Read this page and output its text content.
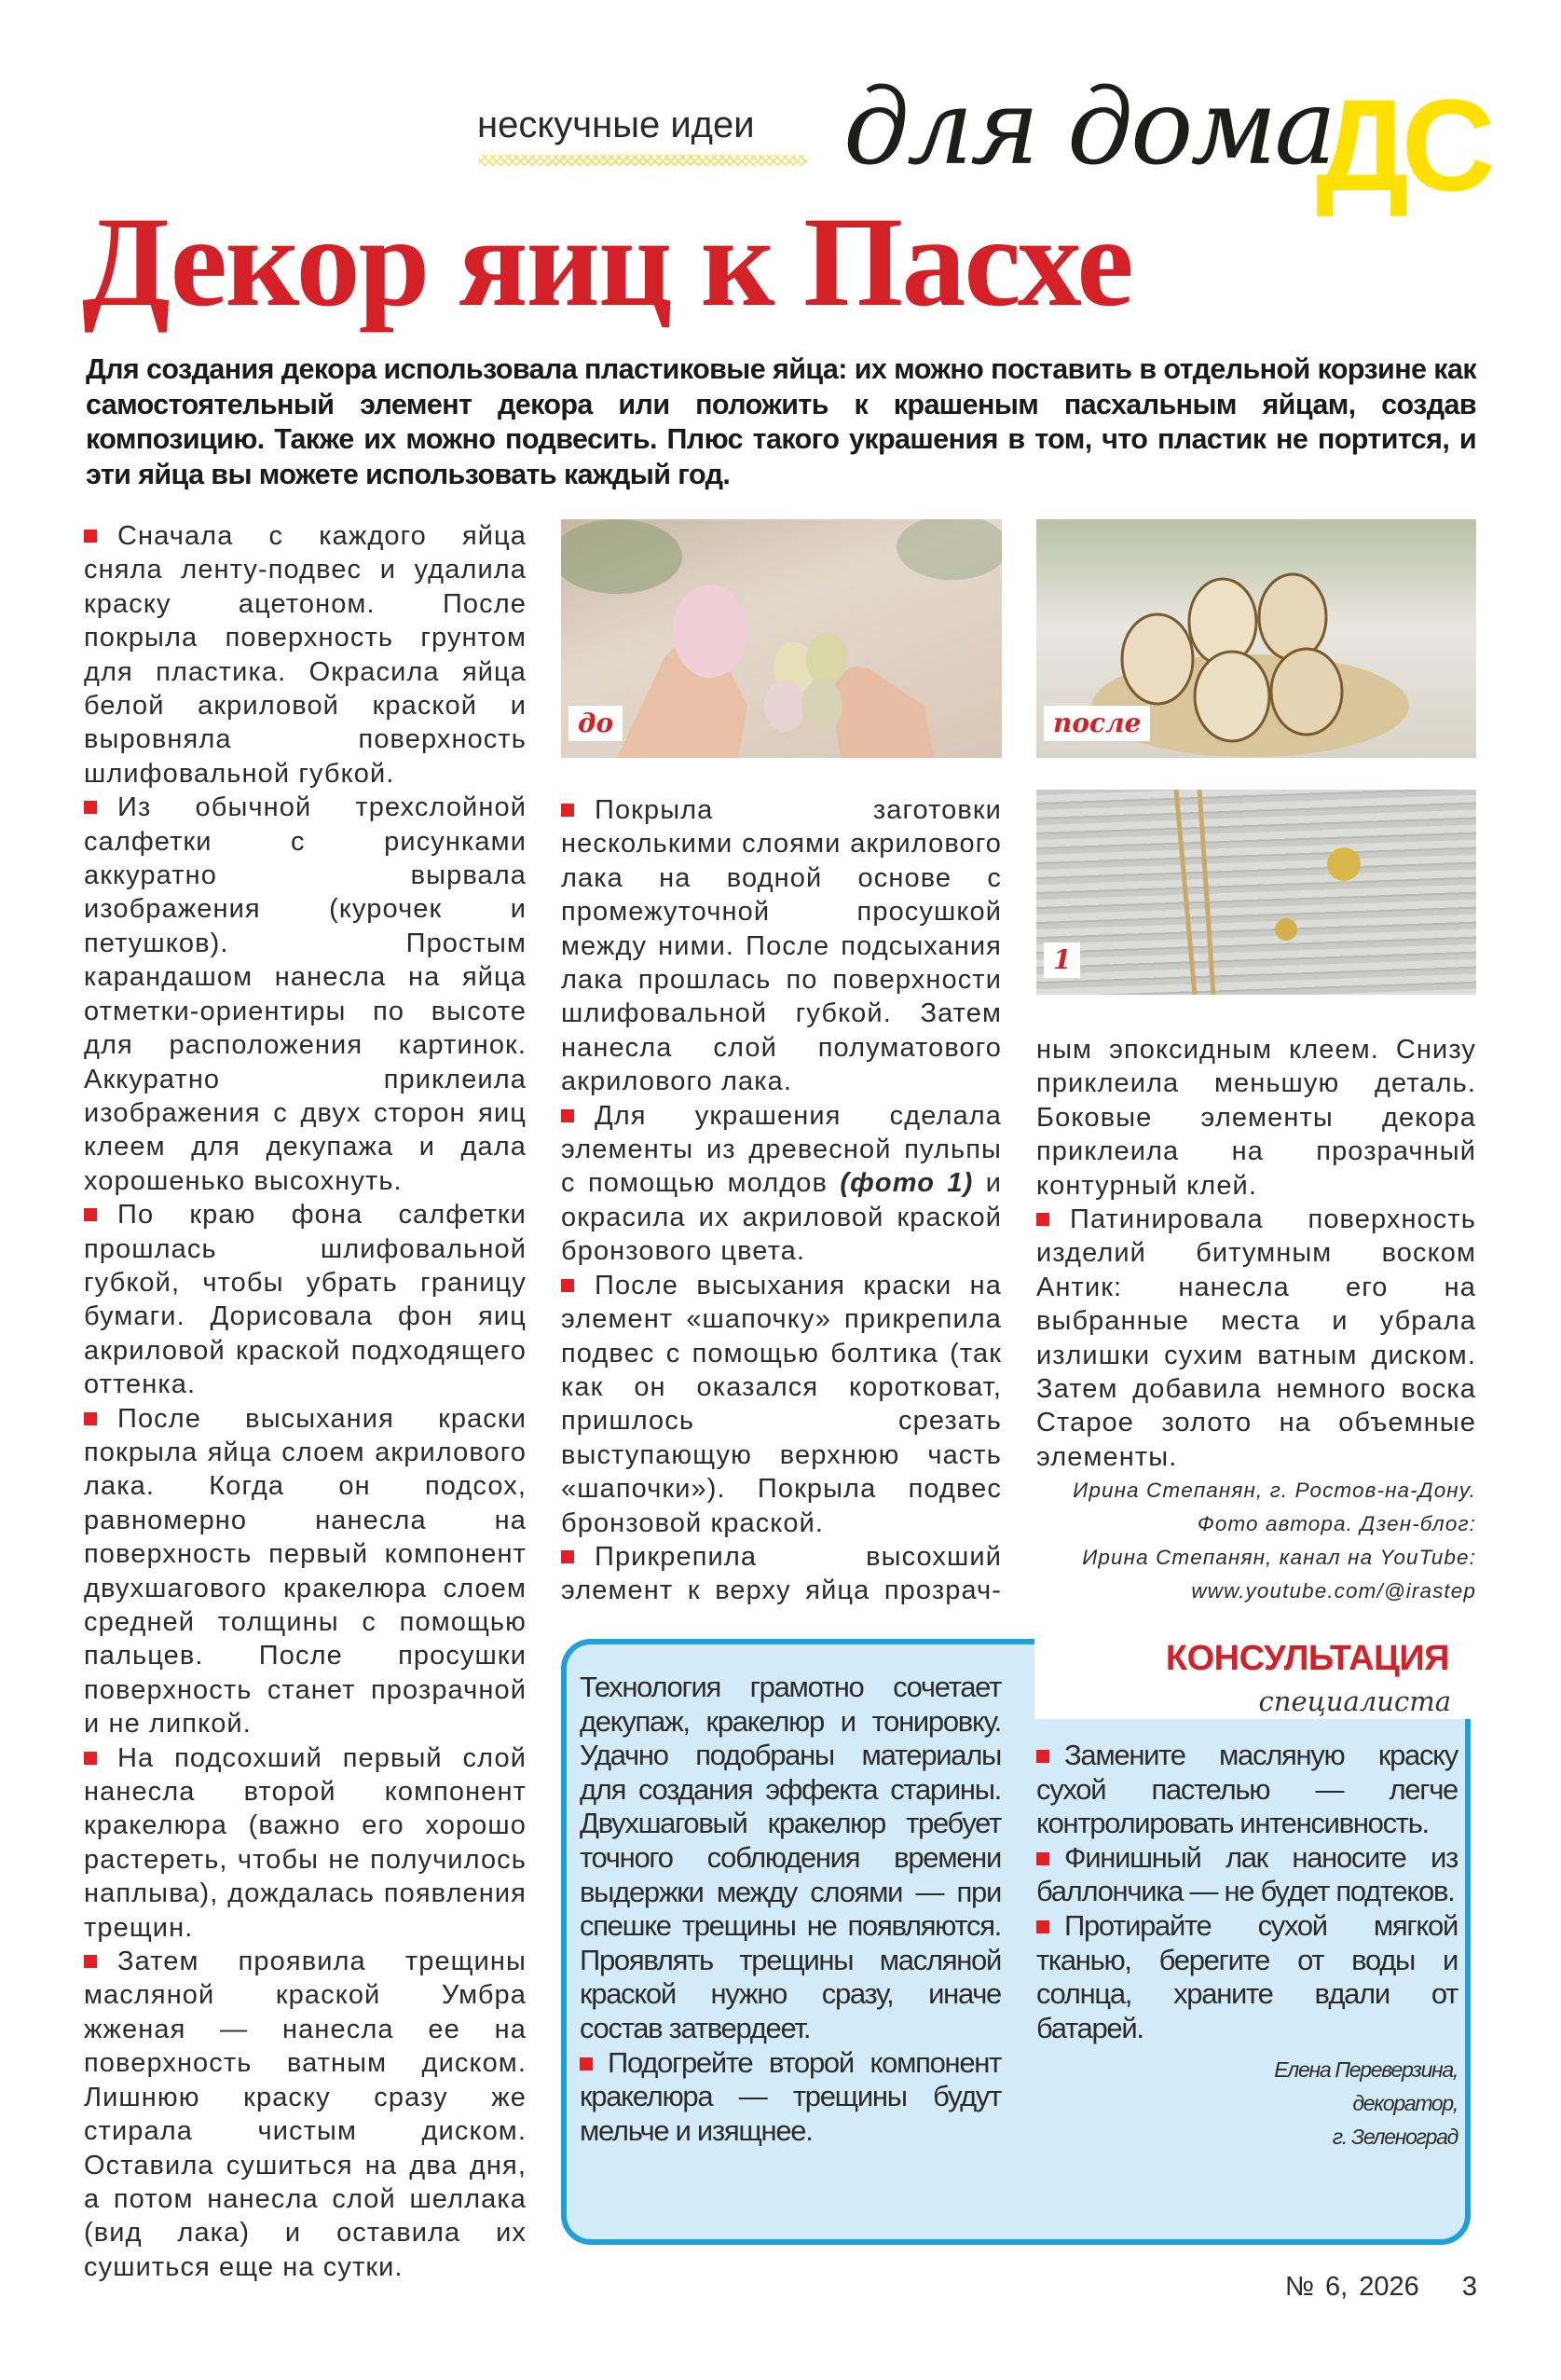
нескучные идеи для дома
ДС
Декор яиц к Пасхе
Для создания декора использовала пластиковые яйца: их можно поставить в отдельной корзине как самостоятельный элемент декора или положить к крашеным пасхальным яйцам, создав композицию. Также их можно подвесить. Плюс такого украшения в том, что пластик не портится, и эти яйца вы можете использовать каждый год.

Сначала с каждого яйца сняла ленту-подвес и удалила краску ацетоном. После покрыла поверхность грунтом для пластика. Окрасила яйца белой акриловой краской и выровняла поверхность шлифовальной губкой.

Из обычной трехслойной салфетки с рисунками аккуратно вырвала изображения (курочек и петушков). Простым карандашом нанесла на яйца отметки-ориентиры по высоте для расположения картинок. Аккуратно приклеила изображения с двух сторон яиц клеем для декупажа и дала хорошенько высохнуть.

По краю фона салфетки прошлась шлифовальной губкой, чтобы убрать границу бумаги. Дорисовала фон яиц акриловой краской подходящего оттенка.

После высыхания краски покрыла яйца слоем акрилового лака. Когда он подсох, равномерно нанесла на поверхность первый компонент двухшагового кракелюра слоем средней толщины с помощью пальцев. После просушки поверхность станет прозрачной и не липкой.

На подсохший первый слой нанесла второй компонент кракелюра (важно его хорошо растереть, чтобы не получилось наплыва), дождалась появления трещин.

Затем проявила трещины масляной краской Умбра жженая — нанесла ее на поверхность ватным диском. Лишнюю краску сразу же стирала чистым диском. Оставила сушиться на два дня, а потом нанесла слой шеллака (вид лака) и оставила их сушиться еще на сутки.

до	после
1

Покрыла заготовки несколькими слоями акрилового лака на водной основе с промежуточной просушкой между ними. После подсыхания лака прошлась по поверхности шлифовальной губкой. Затем нанесла слой полуматового акрилового лака.

Для украшения сделала элементы из древесной пульпы с помощью молдов (фото 1) и окрасила их акриловой краской бронзового цвета.

После высыхания краски на элемент «шапочку» прикрепила подвес с помощью болтика (так как он оказался коротковат, пришлось срезать выступающую верхнюю часть «шапочки»). Покрыла подвес бронзовой краской.

Прикрепила высохший элемент к верху яйца прозрач-

ным эпоксидным клеем. Снизу приклеила меньшую деталь. Боковые элементы декора приклеила на прозрачный контурный клей.

Патинировала поверхность изделий битумным воском Антик: нанесла его на выбранные места и убрала излишки сухим ватным диском. Затем добавила немного воска Старое золото на объемные элементы.

Ирина Степанян, г. Ростов-на-Дону.
Фото автора. Дзен-блог:
Ирина Степанян, канал на YouTube:
www.youtube.com/@irastep
КОНСУЛЬТАЦИЯ
специалиста

Технология грамотно сочетает декупаж, кракелюр и тонировку. Удачно подобраны материалы для создания эффекта старины. Двухшаговый кракелюр требует точного соблюдения времени выдержки между слоями — при спешке трещины не появляются. Проявлять трещины масляной краской нужно сразу, иначе состав затвердеет.

Подогрейте второй компонент кракелюра — трещины будут мельче и изящнее.

Замените масляную краску сухой пастелью — легче контролировать интенсивность.

Финишный лак наносите из баллончика — не будет подтеков.

Протирайте сухой мягкой тканью, берегите от воды и солнца, храните вдали от батарей.

Елена Переверзина,
декоратор,
г. Зеленоград
№ 6, 2026 3
